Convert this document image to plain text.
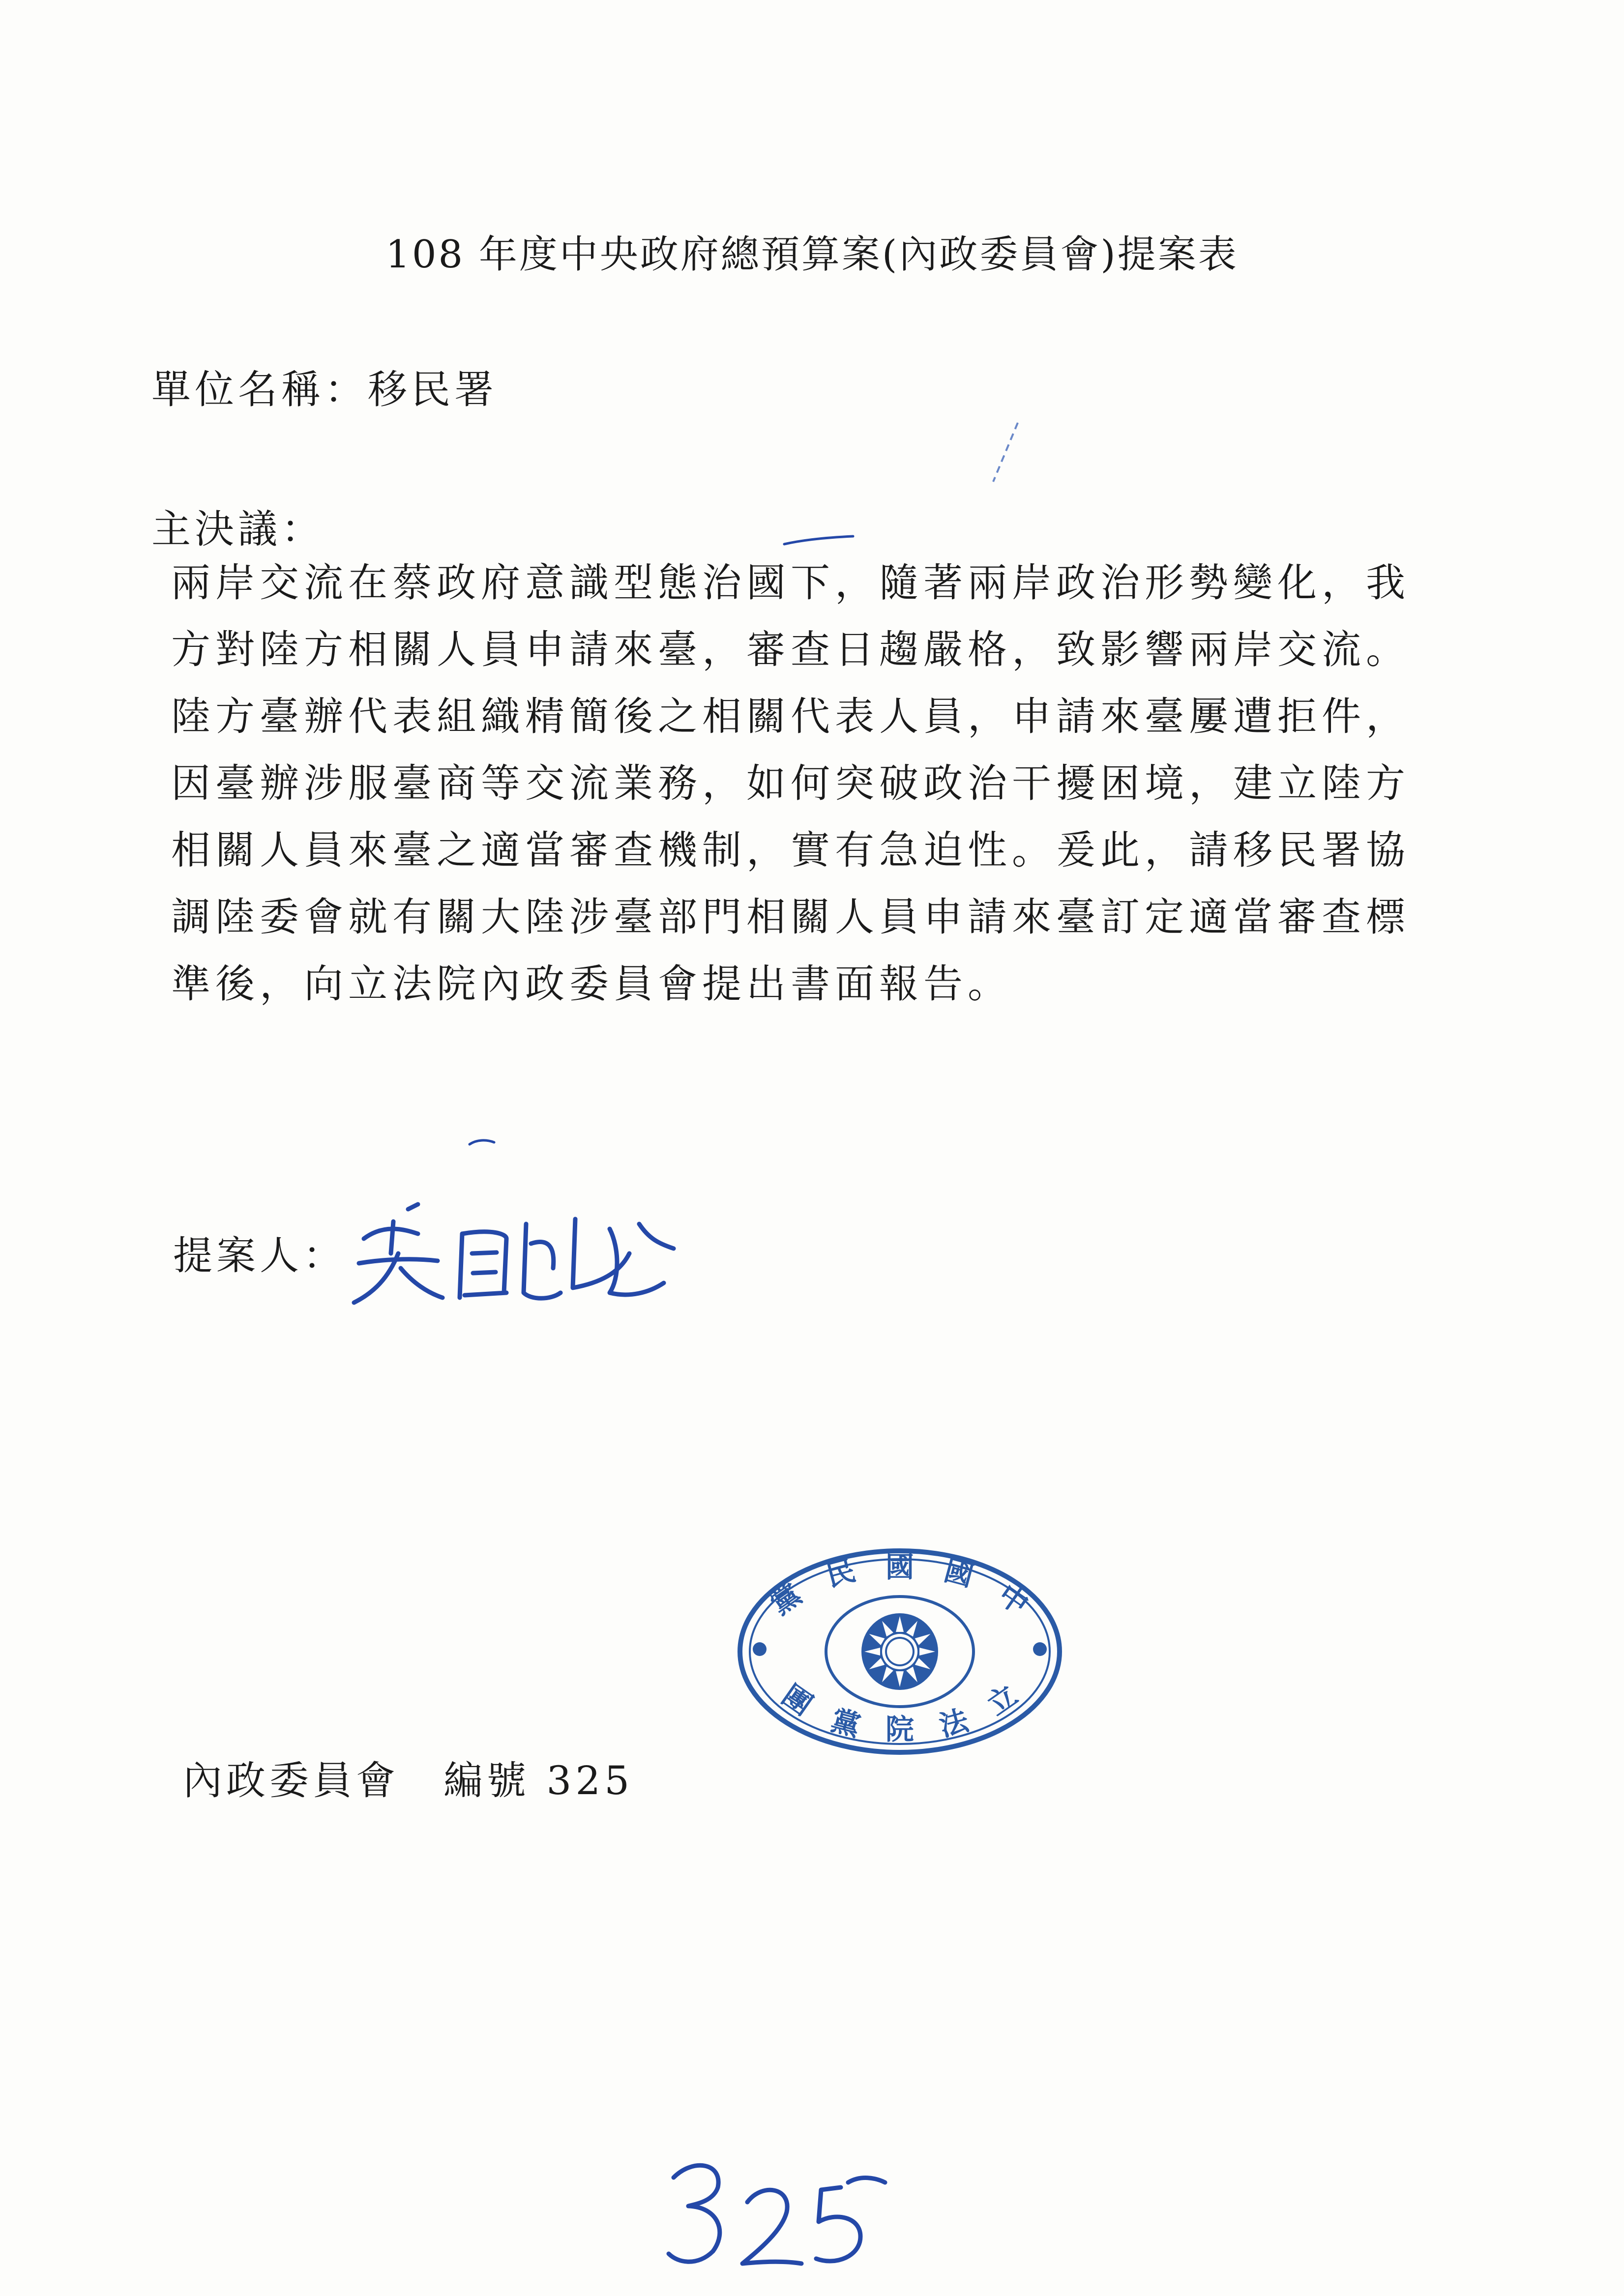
108 年度中央政府總預算案(內政委員會)提案表
單位名稱：移民署
主決議：
兩岸交流在蔡政府意識型態治國下，隨著兩岸政治形勢變化，我
方對陸方相關人員申請來臺，審查日趨嚴格，致影響兩岸交流。
陸方臺辦代表組織精簡後之相關代表人員，申請來臺屢遭拒件，
因臺辦涉服臺商等交流業務，如何突破政治干擾困境，建立陸方
相關人員來臺之適當審查機制，實有急迫性。爰此，請移民署協
調陸委會就有關大陸涉臺部門相關人員申請來臺訂定適當審查標
準後，向立法院內政委員會提出書面報告。
提案人：
中
國
國
民
黨
立
法
院
黨
團
內政委員會 編號 325
